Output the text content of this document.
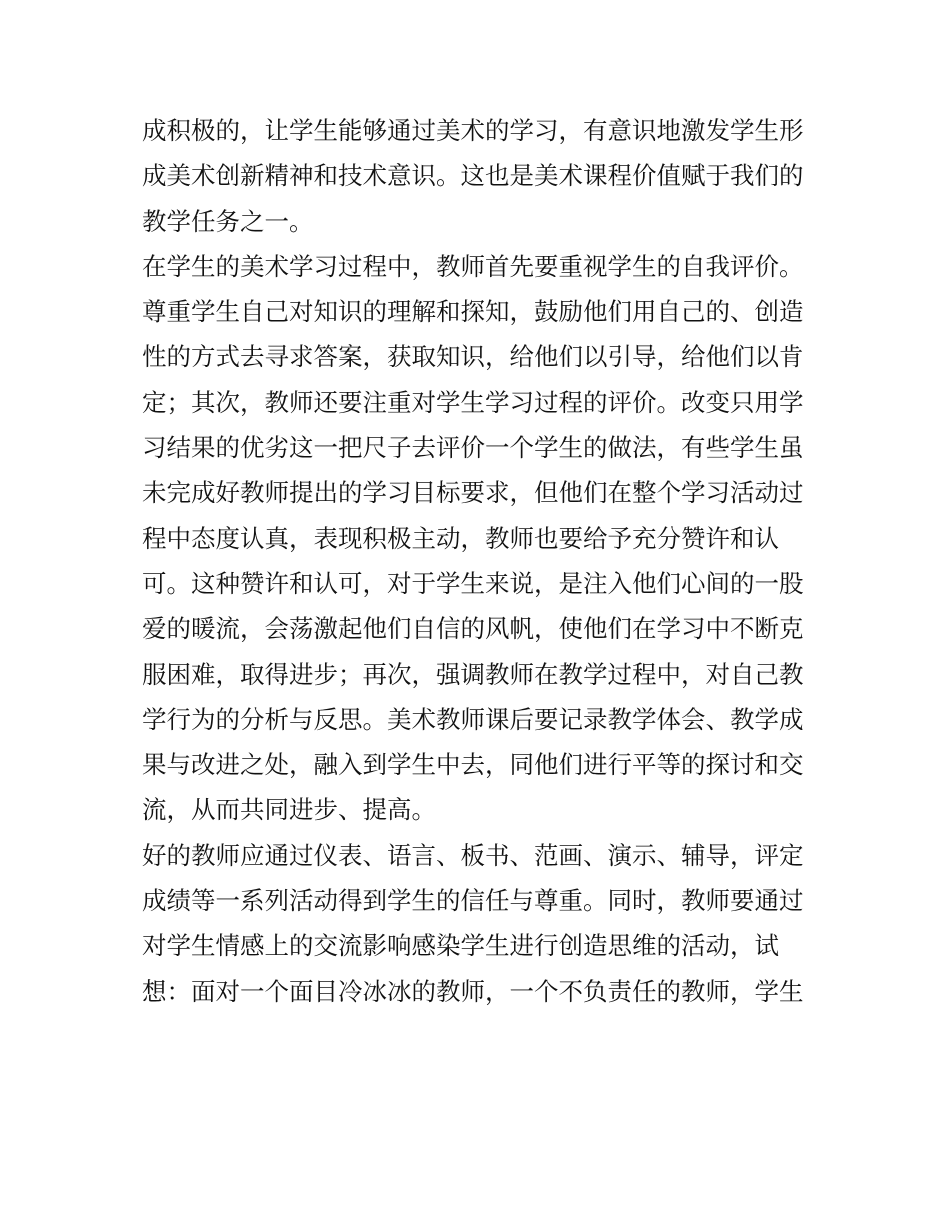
成积极的，让学生能够通过美术的学习，有意识地激发学生形
成美术创新精神和技术意识。这也是美术课程价值赋于我们的
教学任务之一。
在学生的美术学习过程中，教师首先要重视学生的自我评价。
尊重学生自己对知识的理解和探知，鼓励他们用自己的、创造
性的方式去寻求答案，获取知识，给他们以引导，给他们以肯
定；其次，教师还要注重对学生学习过程的评价。改变只用学
习结果的优劣这一把尺子去评价一个学生的做法，有些学生虽
未完成好教师提出的学习目标要求，但他们在整个学习活动过
程中态度认真，表现积极主动，教师也要给予充分赞许和认
可。这种赞许和认可，对于学生来说，是注入他们心间的一股
爱的暖流，会荡激起他们自信的风帆，使他们在学习中不断克
服困难，取得进步；再次，强调教师在教学过程中，对自己教
学行为的分析与反思。美术教师课后要记录教学体会、教学成
果与改进之处，融入到学生中去，同他们进行平等的探讨和交
流，从而共同进步、提高。
好的教师应通过仪表、语言、板书、范画、演示、辅导，评定
成绩等一系列活动得到学生的信任与尊重。同时，教师要通过
对学生情感上的交流影响感染学生进行创造思维的活动，试
想：面对一个面目冷冰冰的教师，一个不负责任的教师，学生
